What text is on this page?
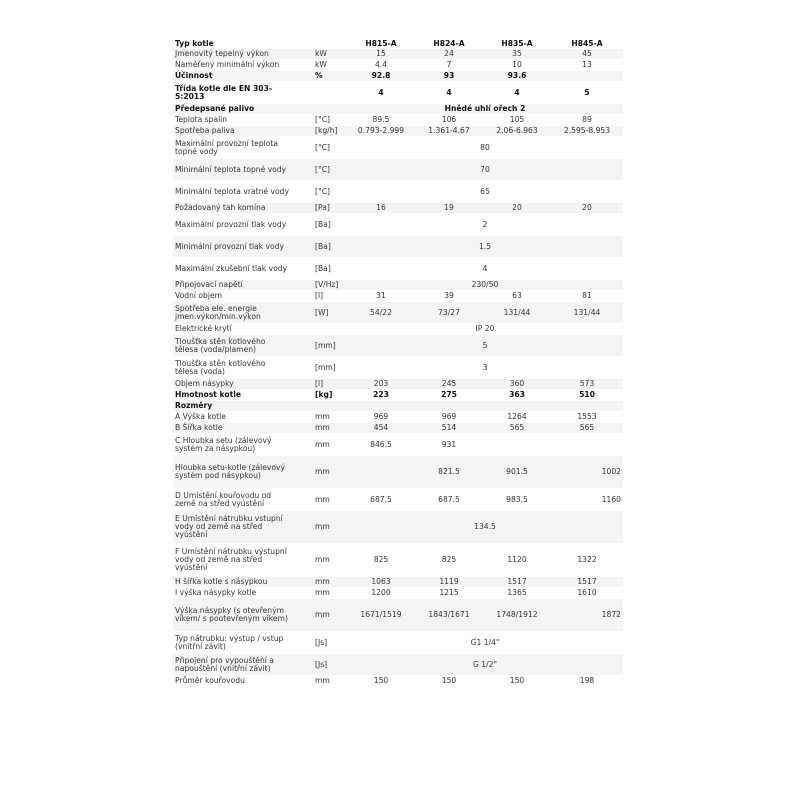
Typ kotle		H815-A	H824-A	H835-A	H845-A
Jmenovitý tepelný výkon	kW	15	24	35	45
Naměřený minimální výkon	kW	4.4	7	10	13
Účinnost	%	92.8	93	93.6	
Třída kotle dle EN 303-5:2013		4	4	4	5
Předepsané palivo		Hnědé uhlí ořech 2			
Teplota spalin	[°C]	89.5	106	105	89
Spotřeba paliva	[kg/h]	0.793-2.999	1.361-4.67	2.06-6.963	2.595-8.953
Maximální provozní teplota topné vody	[°C]	80			
Minimální teplota topné vody	[°C]	70			
Minimální teplota vratné vody	[°C]	65			
Požadovaný tah komína	[Pa]	16	19	20	20
Maximální provozní tlak vody	[Ba]	2			
Minimální provozní tlak vody	[Ba]	1.5			
Maximální zkušební tlak vody	[Ba]	4			
Připojovací napětí	[V/Hz]	230/50			
Vodní objem	[l]	31	39	63	81
Spotřeba ele. energie jmen.výkon/min.výkon	[W]	54/22	73/27	131/44	131/44
Elektrické krytí		IP 20			
Tloušťka stěn kotlového tělesa (voda/plamen)	[mm]	5			
Tloušťka stěn kotlového tělesa (voda)	[mm]	3			
Objem násypky	[l]	203	245	360	573
Hmotnost kotle	[kg]	223	275	363	510
Rozměry					
A Výška kotle	mm	969	969	1264	1553
B Šířka kotle	mm	454	514	565	565
C Hloubka setu (zálevový systém za násypkou)	mm	846.5	931		
Hloubka setu-kotle (zálevový systém pod násypkou)	mm		821.5	901.5	1002
D Umístění kouřovodu od země na střed vyústění	mm	687.5	687.5	983.5	1160
E Umístění nátrubku vstupní vody od země na střed vyústění	mm	134.5			
F Umístění nátrubku výstupní vody od země na střed vyústění	mm	825	825	1120	1322
H šířka kotle s násypkou	mm	1063	1119	1517	1517
I výška násypky kotle	mm	1200	1215	1365	1610
Výška násypky (s otevřeným víkem/ s pootevřeným víkem)	mm	1671/1519	1843/1671	1748/1912	1872
Typ nátrubku: výstup / vstup (vnitřní závit)	[Js]	G1 1/4"			
Připojení pro vypouštění a napouštění (vnitřní závit)	[Js]	G 1/2"			
Průměr kouřovodu	mm	150	150	150	198
